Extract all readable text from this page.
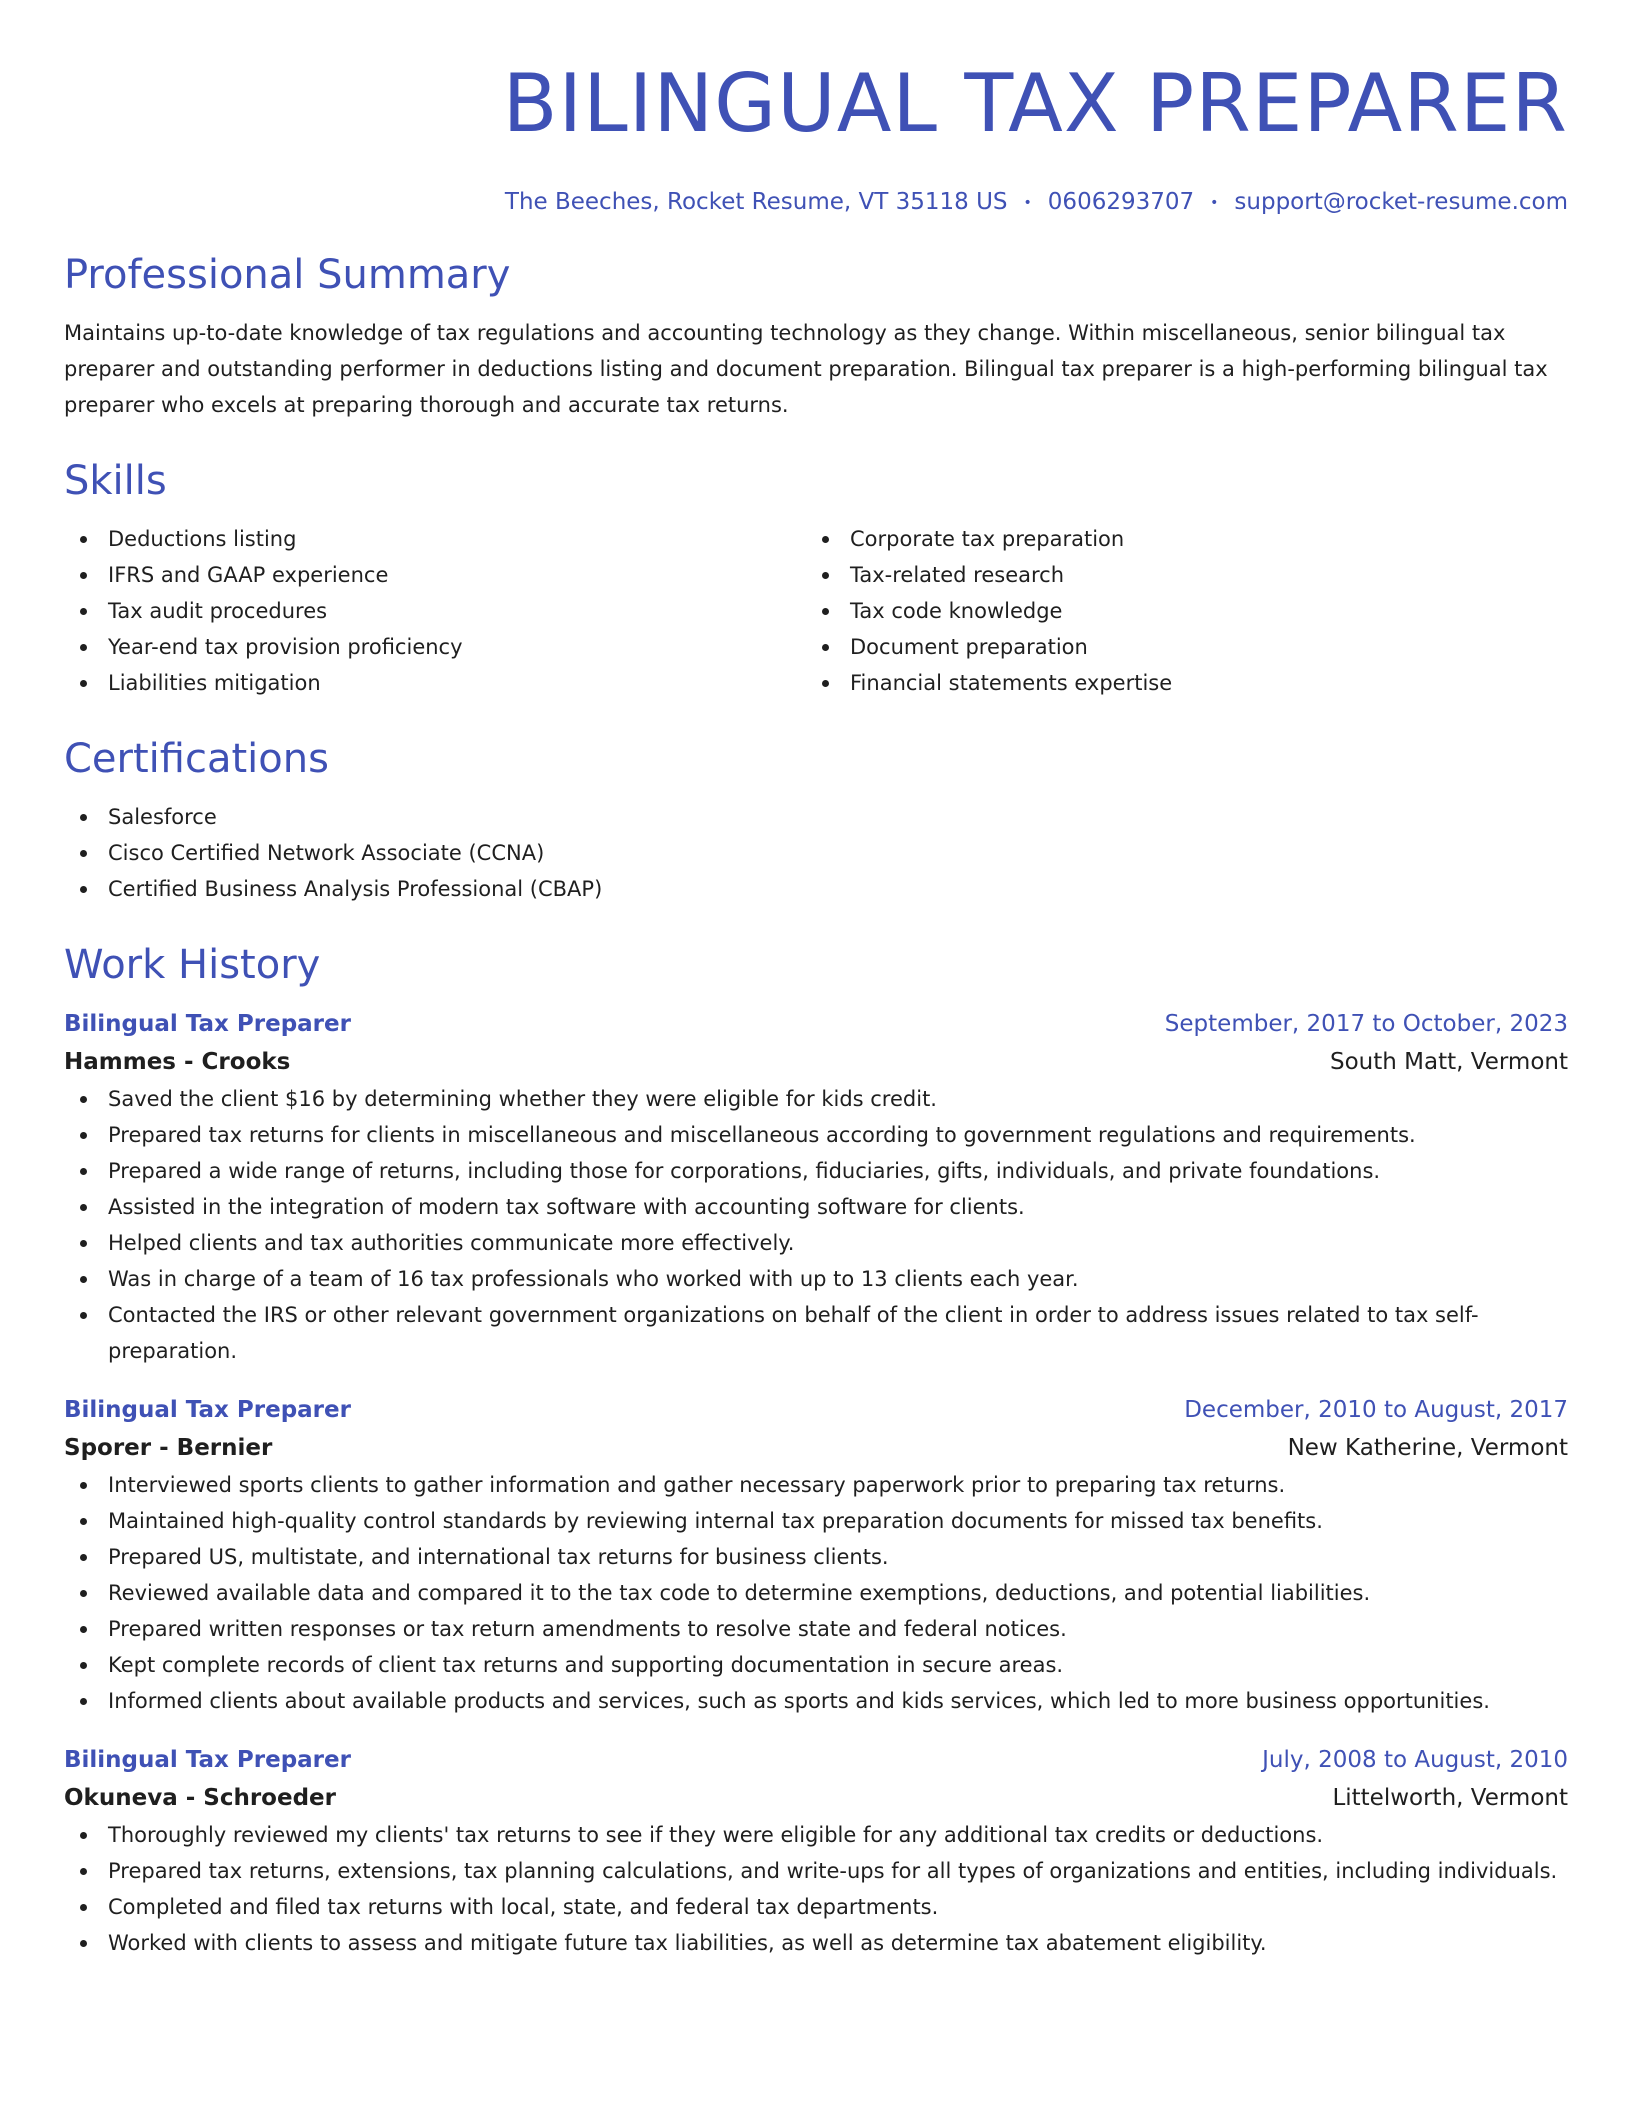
BILINGUAL TAX PREPARER
The Beeches, Rocket Resume, VT 35118 US • 0606293707 • support@rocket-resume.com
Professional Summary

Maintains up-to-date knowledge of tax regulations and accounting technology as they change. Within miscellaneous, senior bilingual tax preparer and outstanding performer in deductions listing and document preparation. Bilingual tax preparer is a high-performing bilingual tax preparer who excels at preparing thorough and accurate tax returns.

Skills
Deductions listing
IFRS and GAAP experience
Tax audit procedures
Year-end tax provision proficiency
Liabilities mitigation
Corporate tax preparation
Tax-related research
Tax code knowledge
Document preparation
Financial statements expertise
Certifications
Salesforce
Cisco Certified Network Associate (CCNA)
Certified Business Analysis Professional (CBAP)
Work History
Bilingual Tax Preparer	September, 2017 to October, 2023
Hammes - Crooks	South Matt, Vermont
Saved the client $16 by determining whether they were eligible for kids credit.
Prepared tax returns for clients in miscellaneous and miscellaneous according to government regulations and requirements.
Prepared a wide range of returns, including those for corporations, fiduciaries, gifts, individuals, and private foundations.
Assisted in the integration of modern tax software with accounting software for clients.
Helped clients and tax authorities communicate more effectively.
Was in charge of a team of 16 tax professionals who worked with up to 13 clients each year.
Contacted the IRS or other relevant government organizations on behalf of the client in order to address issues related to tax self-preparation.
Bilingual Tax Preparer	December, 2010 to August, 2017
Sporer - Bernier	New Katherine, Vermont
Interviewed sports clients to gather information and gather necessary paperwork prior to preparing tax returns.
Maintained high-quality control standards by reviewing internal tax preparation documents for missed tax benefits.
Prepared US, multistate, and international tax returns for business clients.
Reviewed available data and compared it to the tax code to determine exemptions, deductions, and potential liabilities.
Prepared written responses or tax return amendments to resolve state and federal notices.
Kept complete records of client tax returns and supporting documentation in secure areas.
Informed clients about available products and services, such as sports and kids services, which led to more business opportunities.
Bilingual Tax Preparer	July, 2008 to August, 2010
Okuneva - Schroeder	Littelworth, Vermont
Thoroughly reviewed my clients' tax returns to see if they were eligible for any additional tax credits or deductions.
Prepared tax returns, extensions, tax planning calculations, and write-ups for all types of organizations and entities, including individuals.
Completed and filed tax returns with local, state, and federal tax departments.
Worked with clients to assess and mitigate future tax liabilities, as well as determine tax abatement eligibility.
